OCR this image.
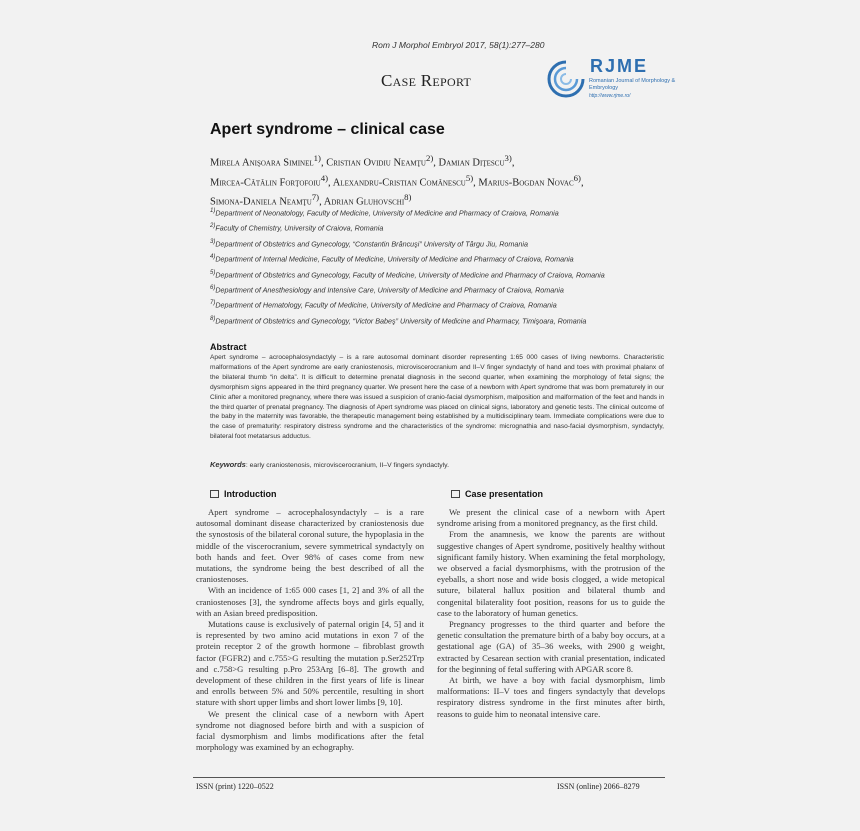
Rom J Morphol Embryol 2017, 58(1):277–280
Case Report
RJME
Romanian Journal of Morphology & Embryology
http://www.rjme.ro/
Apert syndrome – clinical case
Mirela Anişoara Siminel$^{1)}$, Cristian Ovidiu Neamţu$^{2)}$, Damian Diţescu$^{3)}$,
Mircea-Cătălin Forţofoiu$^{4)}$, Alexandru-Cristian Comănescu$^{5)}$, Marius-Bogdan Novac$^{6)}$,
Simona-Daniela Neamţu$^{7)}$, Adrian Gluhovschi$^{8)}$
$^{1)}$Department of Neonatology, Faculty of Medicine, University of Medicine and Pharmacy of Craiova, Romania
$^{2)}$Faculty of Chemistry, University of Craiova, Romania
$^{3)}$Department of Obstetrics and Gynecology, “Constantin Brâncuşi” University of Târgu Jiu, Romania
$^{4)}$Department of Internal Medicine, Faculty of Medicine, University of Medicine and Pharmacy of Craiova, Romania
$^{5)}$Department of Obstetrics and Gynecology, Faculty of Medicine, University of Medicine and Pharmacy of Craiova, Romania
$^{6)}$Department of Anesthesiology and Intensive Care, University of Medicine and Pharmacy of Craiova, Romania
$^{7)}$Department of Hematology, Faculty of Medicine, University of Medicine and Pharmacy of Craiova, Romania
$^{8)}$Department of Obstetrics and Gynecology, “Victor Babeş” University of Medicine and Pharmacy, Timişoara, Romania
Abstract
Apert syndrome – acrocephalosyndactyly – is a rare autosomal dominant disorder representing 1:65 000 cases of living newborns. Characteristic malformations of the Apert syndrome are early craniostenosis, microviscerocranium and II–V finger syndactyly of hand and toes with proximal phalanx of the bilateral thumb “in delta”. It is difficult to determine prenatal diagnosis in the second quarter, when examining the morphology of fetal signs; the dysmorphism signs appeared in the third pregnancy quarter. We present here the case of a newborn with Apert syndrome that was born prematurely in our Clinic after a monitored pregnancy, where there was issued a suspicion of cranio-facial dysmorphism, malposition and malformation of the feet and hands in the third quarter of prenatal pregnancy. The diagnosis of Apert syndrome was placed on clinical signs, laboratory and genetic tests. The clinical outcome of the baby in the maternity was favorable, the therapeutic management being established by a multidisciplinary team. Immediate complications were due to the case of prematurity: respiratory distress syndrome and the characteristics of the syndrome: micrognathia and naso-facial dysmorphism, syndactyly, bilateral foot metatarsus adductus.
Keywords: early craniostenosis, microviscerocranium, II–V fingers syndactyly.
Introduction	Case presentation

Apert syndrome – acrocephalosyndactyly – is a rare autosomal dominant disease characterized by craniostenosis due the synostosis of the bilateral coronal suture, the hypoplasia in the middle of the viscerocranium, severe symmetrical syndactyly on both hands and feet. Over 98% of cases come from new mutations, the syndrome being the best described of all the craniostenoses.

With an incidence of 1:65 000 cases [1, 2] and 3% of all the craniostenoses [3], the syndrome affects boys and girls equally, with an Asian breed predisposition.

Mutations cause is exclusively of paternal origin [4, 5] and it is represented by two amino acid mutations in exon 7 of the protein receptor 2 of the growth hormone – fibroblast growth factor (FGFR2) and c.755>G resulting the mutation p.Ser252Trp and c.758>G resulting p.Pro 253Arg [6–8]. The growth and development of these children in the first years of life is linear and enrolls between 5% and 50% percentile, resulting in short stature with short upper limbs and short lower limbs [9, 10].

We present the clinical case of a newborn with Apert syndrome not diagnosed before birth and with a suspicion of facial dysmorphism and limbs modifications after the fetal morphology was examined by an echography.

We present the clinical case of a newborn with Apert syndrome arising from a monitored pregnancy, as the first child.

From the anamnesis, we know the parents are without suggestive changes of Apert syndrome, positively healthy without significant family history. When examining the fetal morphology, we observed a facial dysmorphisms, with the protrusion of the eyeballs, a short nose and wide bosis clogged, a wide metopical suture, bilateral hallux position and bilateral thumb and congenital bilaterality foot position, reasons for us to guide the case to the laboratory of human genetics.

Pregnancy progresses to the third quarter and before the genetic consultation the premature birth of a baby boy occurs, at a gestational age (GA) of 35–36 weeks, with 2900 g weight, extracted by Cesarean section with cranial presentation, indicated for the beginning of fetal suffering with APGAR score 8.

At birth, we have a boy with facial dysmorphism, limb malformations: II–V toes and fingers syndactyly that develops respiratory distress syndrome in the first minutes after birth, reasons to guide him to neonatal intensive care.

ISSN (print) 1220–0522	ISSN (online) 2066–8279
